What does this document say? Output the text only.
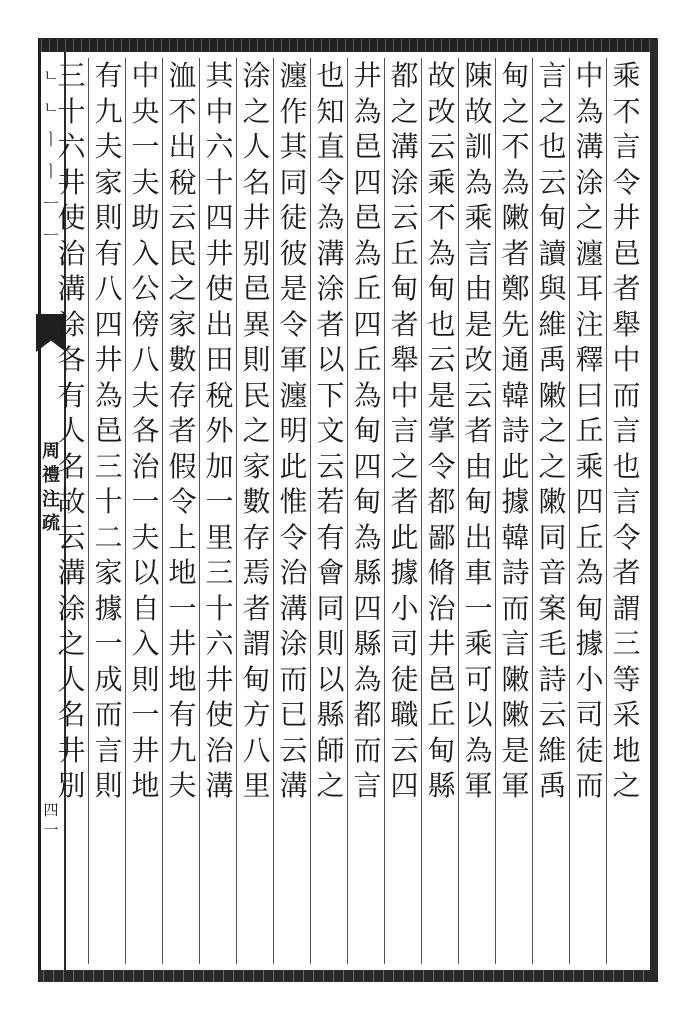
ㄴㄴㅣㅣㅡㅡ
周禮注疏
四一
乘不言令井邑者舉中而言也言令者謂三等采地之
中為溝涂之瀍耳注釋曰丘乘四丘為甸據小司徒而
言之也云甸讀與維禹敶之之敶同音案毛詩云維禹
甸之不為敶者鄭先通韓詩此據韓詩而言敶敶是軍
陳故訓為乘言由是改云者由甸出車一乘可以為軍
故改云乘不為甸也云是掌令都鄙脩治井邑丘甸縣
都之溝涂云丘甸者舉中言之者此據小司徒職云四
井為邑四邑為丘四丘為甸四甸為縣四縣為都而言
也知直令為溝涂者以下文云若有會同則以縣師之
瀍作其同徒彼是令軍瀍明此惟令治溝涂而已云溝
涂之人名井别邑異則民之家數存焉者謂甸方八里
其中六十四井使出田稅外加一里三十六井使治溝
洫不出稅云民之家數存者假令上地一井地有九夫
中央一夫助入公傍八夫各治一夫以自入則一井地
有九夫家則有八四井為邑三十二家據一成而言則
三十六井使治溝涂各有人名故云溝涂之人名井別
